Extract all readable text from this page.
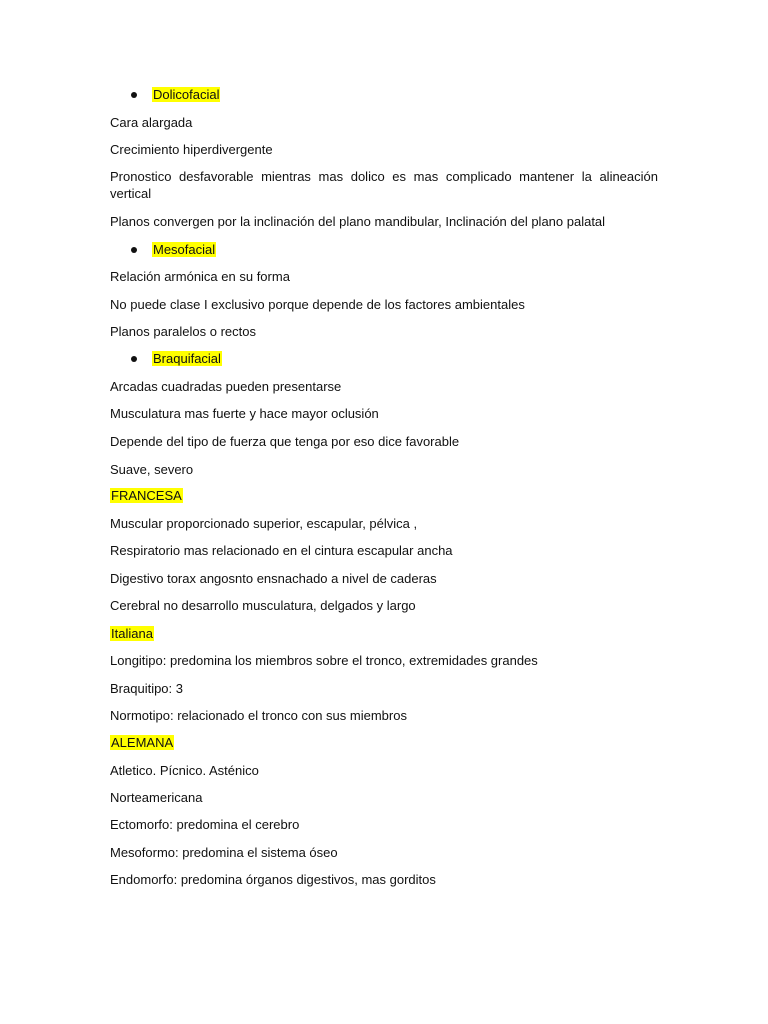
Dolicofacial
Cara alargada
Crecimiento hiperdivergente
Pronostico desfavorable mientras mas dolico es mas complicado mantener la alineación vertical
Planos convergen por la inclinación del plano mandibular, Inclinación del plano palatal
Mesofacial
Relación armónica en su forma
No puede clase I exclusivo porque depende de los factores ambientales
Planos paralelos o rectos
Braquifacial
Arcadas cuadradas pueden presentarse
Musculatura mas fuerte y hace mayor oclusión
Depende del tipo de fuerza que tenga por eso dice favorable
Suave, severo
FRANCESA
Muscular proporcionado superior, escapular, pélvica ,
Respiratorio mas relacionado en el cintura escapular ancha
Digestivo torax angosnto ensnachado a nivel de caderas
Cerebral no desarrollo musculatura, delgados y largo
Italiana
Longitipo: predomina los miembros sobre el tronco, extremidades grandes
Braquitipo: 3
Normotipo: relacionado el tronco con sus miembros
ALEMANA
Atletico. Pícnico. Asténico
Norteamericana
Ectomorfo: predomina el cerebro
Mesoformo: predomina el sistema óseo
Endomorfo: predomina órganos digestivos, mas gorditos
